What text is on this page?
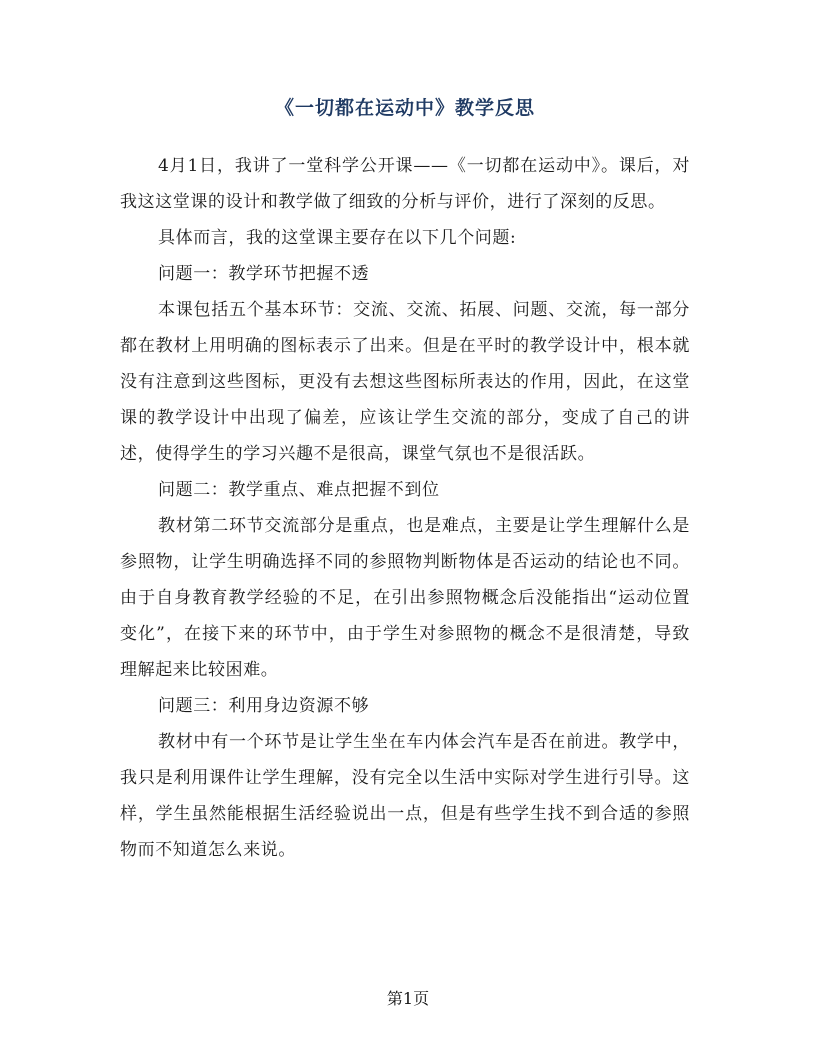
《一切都在运动中》教学反思

4月1日，我讲了一堂科学公开课——《一切都在运动中》。课后，对我这这堂课的设计和教学做了细致的分析与评价，进行了深刻的反思。

具体而言，我的这堂课主要存在以下几个问题:

问题一：教学环节把握不透

本课包括五个基本环节：交流、交流、拓展、问题、交流，每一部分都在教材上用明确的图标表示了出来。但是在平时的教学设计中，根本就没有注意到这些图标，更没有去想这些图标所表达的作用，因此，在这堂课的教学设计中出现了偏差，应该让学生交流的部分，变成了自己的讲述，使得学生的学习兴趣不是很高，课堂气氛也不是很活跃。

问题二：教学重点、难点把握不到位

教材第二环节交流部分是重点，也是难点，主要是让学生理解什么是参照物，让学生明确选择不同的参照物判断物体是否运动的结论也不同。由于自身教育教学经验的不足，在引出参照物概念后没能指出“运动位置变化”，在接下来的环节中，由于学生对参照物的概念不是很清楚，导致理解起来比较困难。

问题三：利用身边资源不够

教材中有一个环节是让学生坐在车内体会汽车是否在前进。教学中，我只是利用课件让学生理解，没有完全以生活中实际对学生进行引导。这样，学生虽然能根据生活经验说出一点，但是有些学生找不到合适的参照物而不知道怎么来说。

第1页
